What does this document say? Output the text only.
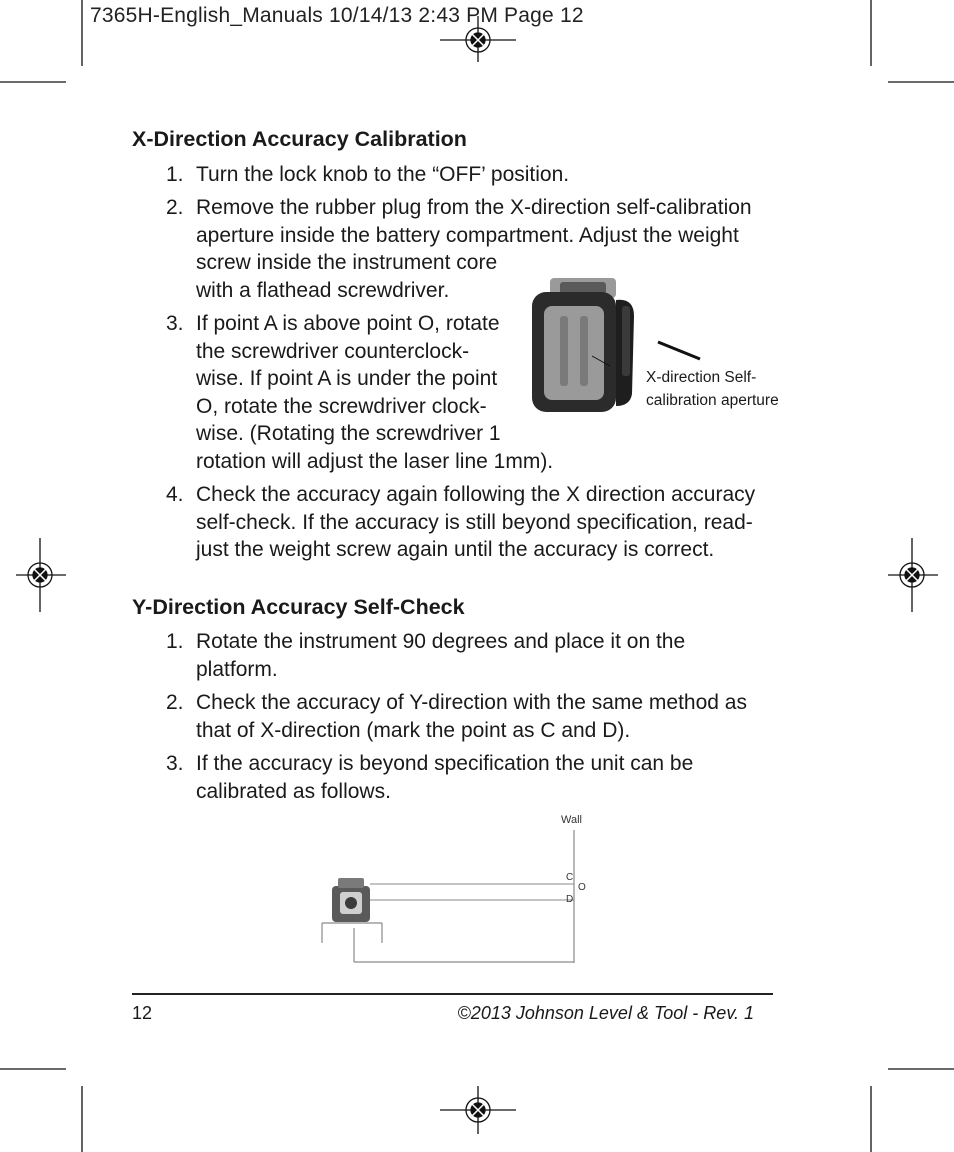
7365H-English_Manuals 10/14/13 2:43 PM Page 12
X-Direction Accuracy Calibration
1. Turn the lock knob to the “OFF’ position.
2. Remove the rubber plug from the X-direction self-calibration
aperture inside the battery compartment. Adjust the weight
screw inside the instrument core
with a flathead screwdriver.
3. If point A is above point O, rotate
the screwdriver counterclock-
wise. If point A is under the point
O, rotate the screwdriver clock-
wise. (Rotating the screwdriver 1
rotation will adjust the laser line 1mm).
4. Check the accuracy again following the X direction accuracy
self-check. If the accuracy is still beyond specification, read-
just the weight screw again until the accuracy is correct.
Y-Direction Accuracy Self-Check
1. Rotate the instrument 90 degrees and place it on the platform.
2. Check the accuracy of Y-direction with the same method as
that of X-direction (mark the point as C and D).
3. If the accuracy is beyond specification the unit can be
calibrated as follows.
X-direction Self-
calibration aperture
Wall
C
O
D
12	©2013 Johnson Level & Tool - Rev. 1
